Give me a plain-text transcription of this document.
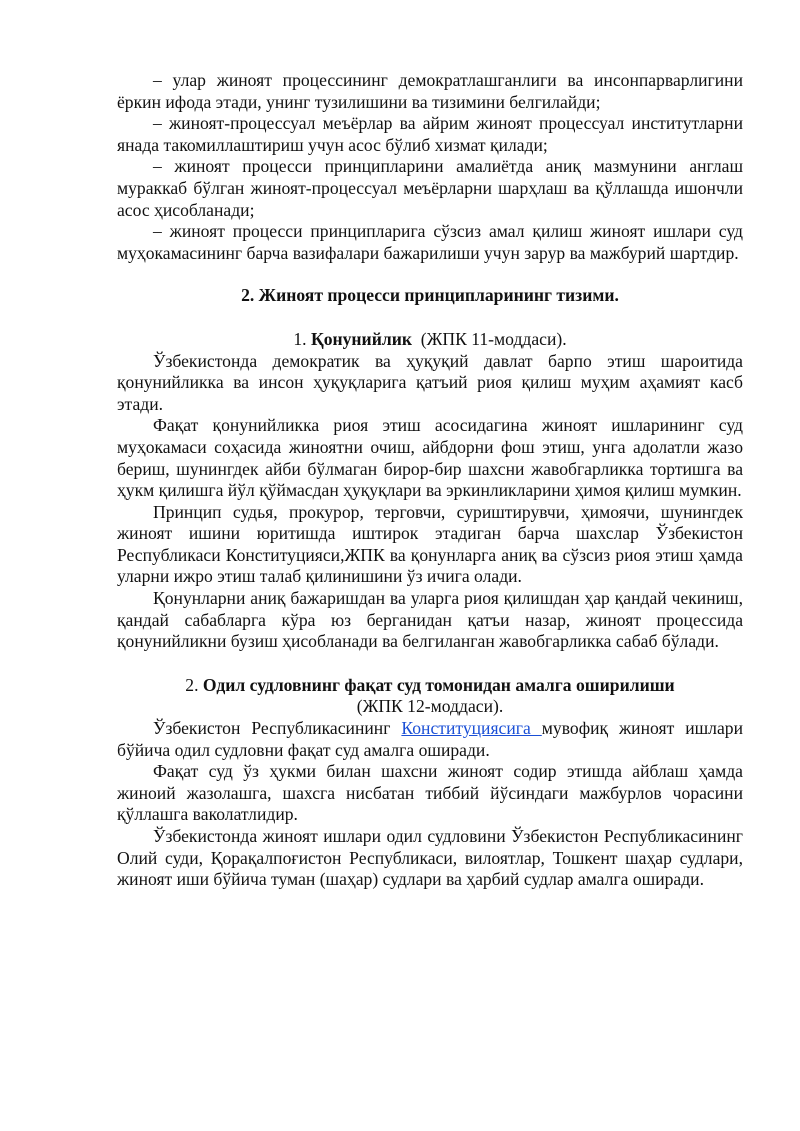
– улар жиноят процессининг демократлашганлиги ва инсонпарварлигини ёркин ифода этади, унинг тузилишини ва тизимини белгилайди;

– жиноят-процессуал меъёрлар ва айрим жиноят процессуал институтларни янада такомиллаштириш учун асос бўлиб хизмат қилади;

– жиноят процесси принципларини амалиётда аниқ мазмунини англаш мураккаб бўлган жиноят-процессуал меъёрларни шарҳлаш ва қўллашда ишончли асос ҳисобланади;

– жиноят процесси принципларига сўзсиз амал қилиш жиноят ишлари суд муҳокамасининг барча вазифалари бажарилиши учун зарур ва мажбурий шартдир.

2. Жиноят процесси принципларининг тизими.

1. Қонунийлик (ЖПК 11-моддаси).

Ўзбекистонда демократик ва ҳуқуқий давлат барпо этиш шароитида қонунийликка ва инсон ҳуқуқларига қатъий риоя қилиш муҳим аҳамият касб этади.

Фақат қонунийликка риоя этиш асосидагина жиноят ишларининг суд муҳокамаси соҳасида жиноятни очиш, айбдорни фош этиш, унга адолатли жазо бериш, шунингдек айби бўлмаган бирор-бир шахсни жавобгарликка тортишга ва ҳукм қилишга йўл қўймасдан ҳуқуқлари ва эркинликларини ҳимоя қилиш мумкин.

Принцип судья, прокурор, терговчи, суриштирувчи, ҳимоячи, шунингдек жиноят ишини юритишда иштирок этадиган барча шахслар Ўзбекистон Республикаси Конституцияси,ЖПК ва қонунларга аниқ ва сўзсиз риоя этиш ҳамда уларни ижро этиш талаб қилинишини ўз ичига олади.

Қонунларни аниқ бажаришдан ва уларга риоя қилишдан ҳар қандай чекиниш, қандай сабабларга кўра юз берганидан қатъи назар, жиноят процессида қонунийликни бузиш ҳисобланади ва белгиланган жавобгарликка сабаб бўлади.

2. Одил судловнинг фақат суд томонидан амалга оширилиши

(ЖПК 12-моддаси).

Ўзбекистон Республикасининг Конституциясига мувофиқ жиноят ишлари бўйича одил судловни фақат суд амалга оширади.

Фақат суд ўз ҳукми билан шахсни жиноят содир этишда айблаш ҳамда жиноий жазолашга, шахсга нисбатан тиббий йўсиндаги мажбурлов чорасини қўллашга ваколатлидир.

Ўзбекистонда жиноят ишлари одил судловини Ўзбекистон Республикасининг Олий суди, Қорақалпоғистон Республикаси, вилоятлар, Тошкент шаҳар судлари, жиноят иши бўйича туман (шаҳар) судлари ва ҳарбий судлар амалга оширади.
